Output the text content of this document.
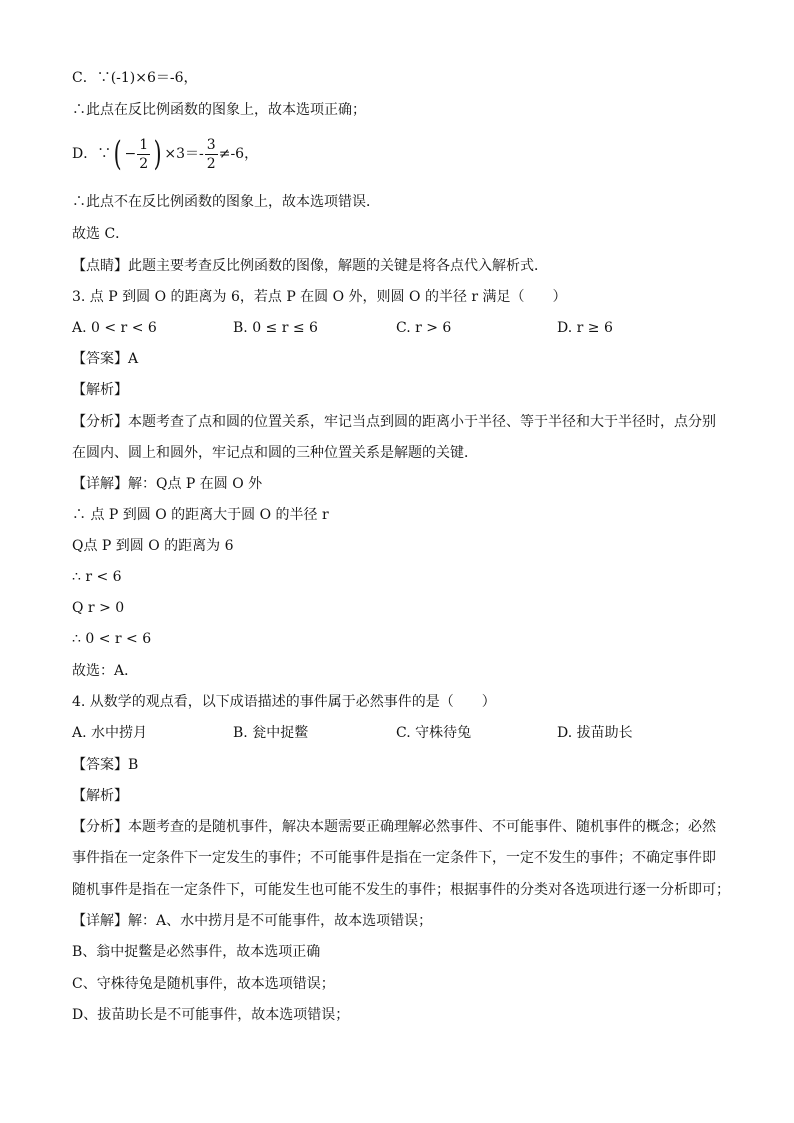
C．∵(-1)×6＝-6，
∴此点在反比例函数的图象上，故本选项正确；
D．∵( − $\frac{1}{2}$ ) $\times 3=- \frac{3}{2} \ne-6$，
∴此点不在反比例函数的图象上，故本选项错误．
故选 C．
【点睛】此题主要考查反比例函数的图像，解题的关键是将各点代入解析式．
3. 点 P 到圆 O 的距离为 6，若点 P 在圆 O 外，则圆 O 的半径 r 满足（　　）
A. 0 < r < 6	B. 0 ≤ r ≤ 6	C. r > 6	D. r ≥ 6
【答案】A
【解析】
【分析】本题考查了点和圆的位置关系，牢记当点到圆的距离小于半径、等于半径和大于半径时，点分别
在圆内、圆上和圆外，牢记点和圆的三种位置关系是解题的关键．
【详解】解：Q点 P 在圆 O 外
∴ 点 P 到圆 O 的距离大于圆 O 的半径 r
Q点 P 到圆 O 的距离为 6
∴ r < 6
Q r > 0
∴ 0 < r < 6
故选：A．
4. 从数学的观点看，以下成语描述的事件属于必然事件的是（　　）
A. 水中捞月	B. 瓮中捉鳖	C. 守株待兔	D. 拔苗助长
【答案】B
【解析】
【分析】本题考查的是随机事件，解决本题需要正确理解必然事件、不可能事件、随机事件的概念；必然
事件指在一定条件下一定发生的事件；不可能事件是指在一定条件下，一定不发生的事件；不确定事件即
随机事件是指在一定条件下，可能发生也可能不发生的事件；根据事件的分类对各选项进行逐一分析即可；
【详解】解：A、水中捞月是不可能事件，故本选项错误；
B、翁中捉鳖是必然事件，故本选项正确
C、守株待兔是随机事件，故本选项错误；
D、拔苗助长是不可能事件，故本选项错误；
